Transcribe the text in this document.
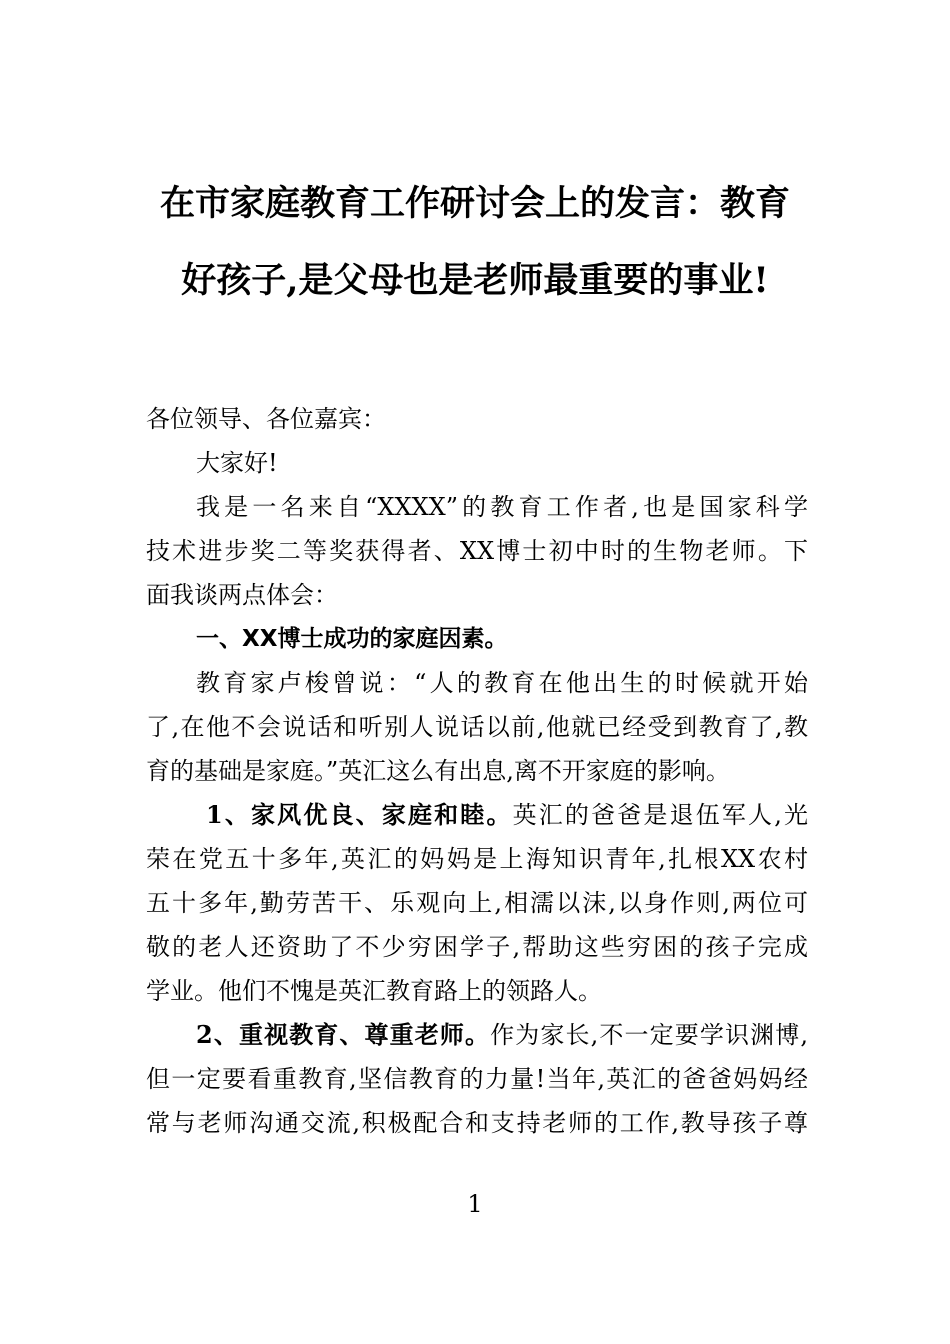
在市家庭教育工作研讨会上的发言：教育
好孩子,是父母也是老师最重要的事业!
各位领导、各位嘉宾：
大家好!
我是一名来自“XXXX”的教育工作者,也是国家科学
技术进步奖二等奖获得者、XX博士初中时的生物老师。下
面我谈两点体会：
一、XX博士成功的家庭因素。
教育家卢梭曾说：“人的教育在他出生的时候就开始
了,在他不会说话和听别人说话以前,他就已经受到教育了,教
育的基础是家庭。”英汇这么有出息,离不开家庭的影响。
1、家风优良、家庭和睦。英汇的爸爸是退伍军人,光
荣在党五十多年,英汇的妈妈是上海知识青年,扎根XX农村
五十多年,勤劳苦干、乐观向上,相濡以沫,以身作则,两位可
敬的老人还资助了不少穷困学子,帮助这些穷困的孩子完成
学业。他们不愧是英汇教育路上的领路人。
2、重视教育、尊重老师。作为家长,不一定要学识渊博,
但一定要看重教育,坚信教育的力量!当年,英汇的爸爸妈妈经
常与老师沟通交流,积极配合和支持老师的工作,教导孩子尊
1
